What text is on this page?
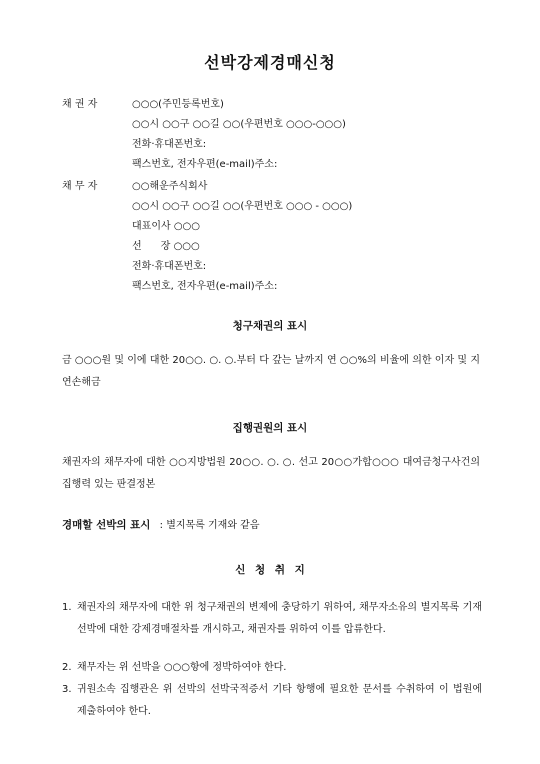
선박강제경매신청
채 권 자	○○○(주민등록번호)
○○시 ○○구 ○○길 ○○(우편번호 ○○○-○○○)
전화·휴대폰번호:
팩스번호, 전자우편(e-mail)주소:
채 무 자	○○해운주식회사
○○시 ○○구 ○○길 ○○(우편번호 ○○○ - ○○○)
대표이사 ○○○
선      장 ○○○
전화·휴대폰번호:
팩스번호, 전자우편(e-mail)주소:
청구채권의 표시
금 ○○○원 및 이에 대한 20○○. ○. ○.부터 다 갚는 날까지 연 ○○%의 비율에 의한 이자 및 지연손해금
집행권원의 표시
채권자의 채무자에 대한 ○○지방법원 20○○. ○. ○. 선고 20○○가합○○○ 대여금청구사건의 집행력 있는 판결정본
경매할 선박의 표시 : 별지목록 기재와 같음
신 청 취 지
1. 채권자의 채무자에 대한 위 청구채권의 변제에 충당하기 위하여, 채무자소유의 별지목록 기재 선박에 대한 강제경매절차를 개시하고, 채권자를 위하여 이를 압류한다.
2. 채무자는 위 선박을 ○○○항에 정박하여야 한다.
3. 귀원소속 집행관은 위 선박의 선박국적증서 기타 항행에 필요한 문서를 수취하여 이 법원에 제출하여야 한다.
